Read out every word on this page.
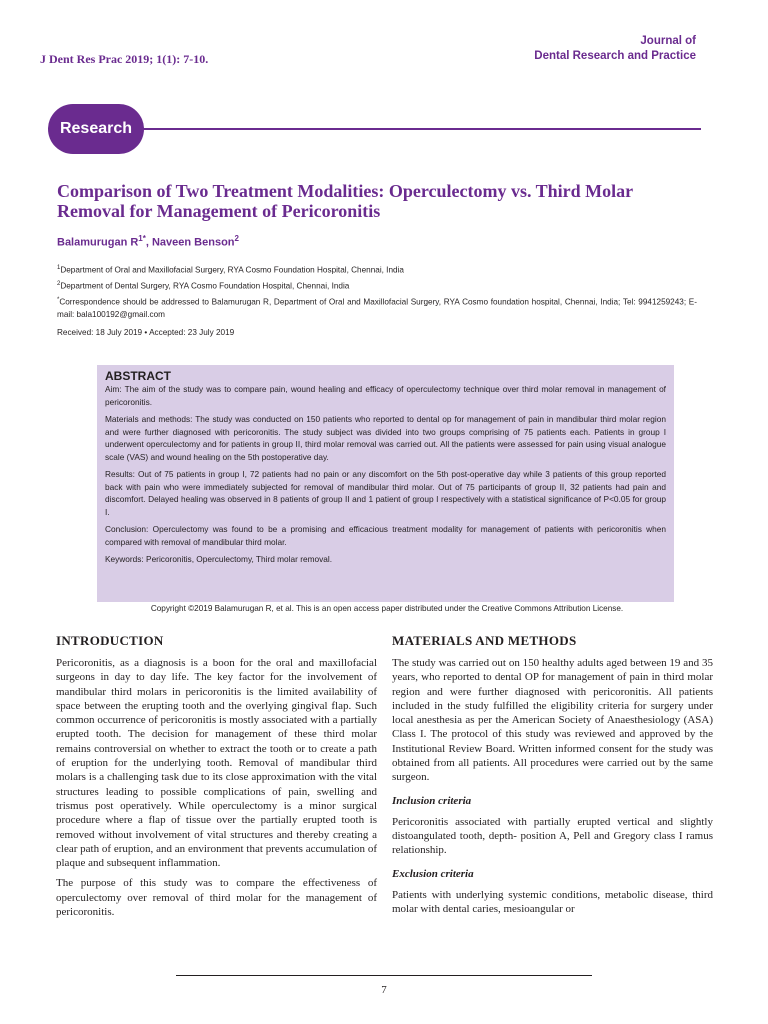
J Dent Res Prac 2019; 1(1): 7-10.
Journal of
Dental Research and Practice
Research
Comparison of Two Treatment Modalities: Operculectomy vs. Third Molar Removal for Management of Pericoronitis
Balamurugan $R^{1*}$, Naveen Benson$^2$
$^1$Department of Oral and Maxillofacial Surgery, RYA Cosmo Foundation Hospital, Chennai, India
$^2$Department of Dental Surgery, RYA Cosmo Foundation Hospital, Chennai, India
*Correspondence should be addressed to Balamurugan R, Department of Oral and Maxillofacial Surgery, RYA Cosmo foundation hospital, Chennai, India; Tel: 9941259243; E-mail: bala100192@gmail.com
Received: 18 July 2019 • Accepted: 23 July 2019
ABSTRACT

Aim: The aim of the study was to compare pain, wound healing and efficacy of operculectomy technique over third molar removal in management of pericoronitis.

Materials and methods: The study was conducted on 150 patients who reported to dental op for management of pain in mandibular third molar region and were further diagnosed with pericoronitis. The study subject was divided into two groups comprising of 75 patients each. Patients in group I underwent operculectomy and for patients in group II, third molar removal was carried out. All the patients were assessed for pain using visual analogue scale (VAS) and wound healing on the 5th postoperative day.

Results: Out of 75 patients in group I, 72 patients had no pain or any discomfort on the 5th post-operative day while 3 patients of this group reported back with pain who were immediately subjected for removal of mandibular third molar. Out of 75 participants of group II, 32 patients had pain and discomfort. Delayed healing was observed in 8 patients of group II and 1 patient of group I respectively with a statistical significance of P<0.05 for group I.

Conclusion: Operculectomy was found to be a promising and efficacious treatment modality for management of patients with pericoronitis when compared with removal of mandibular third molar.

Keywords: Pericoronitis, Operculectomy, Third molar removal.

Copyright ©2019 Balamurugan R, et al. This is an open access paper distributed under the Creative Commons Attribution License.
INTRODUCTION

Pericoronitis, as a diagnosis is a boon for the oral and maxillofacial surgeons in day to day life. The key factor for the involvement of mandibular third molars in pericoronitis is the limited availability of space between the erupting tooth and the overlying gingival flap. Such common occurrence of pericoronitis is mostly associated with a partially erupted tooth. The decision for management of these third molar remains controversial on whether to extract the tooth or to create a path of eruption for the underlying tooth. Removal of mandibular third molars is a challenging task due to its close approximation with the vital structures leading to possible complications of pain, swelling and trismus post operatively. While operculectomy is a minor surgical procedure where a flap of tissue over the partially erupted tooth is removed without involvement of vital structures and thereby creating a clear path of eruption, and an environment that prevents accumulation of plaque and subsequent inflammation.

The purpose of this study was to compare the effectiveness of operculectomy over removal of third molar for the management of pericoronitis.

MATERIALS AND METHODS

The study was carried out on 150 healthy adults aged between 19 and 35 years, who reported to dental OP for management of pain in third molar region and were further diagnosed with pericoronitis. All patients included in the study fulfilled the eligibility criteria for surgery under local anesthesia as per the American Society of Anaesthesiology (ASA) Class I. The protocol of this study was reviewed and approved by the Institutional Review Board. Written informed consent for the study was obtained from all patients. All procedures were carried out by the same surgeon.

Inclusion criteria

Pericoronitis associated with partially erupted vertical and slightly distoangulated tooth, depth- position A, Pell and Gregory class I ramus relationship.

Exclusion criteria

Patients with underlying systemic conditions, metabolic disease, third molar with dental caries, mesioangular or

7
